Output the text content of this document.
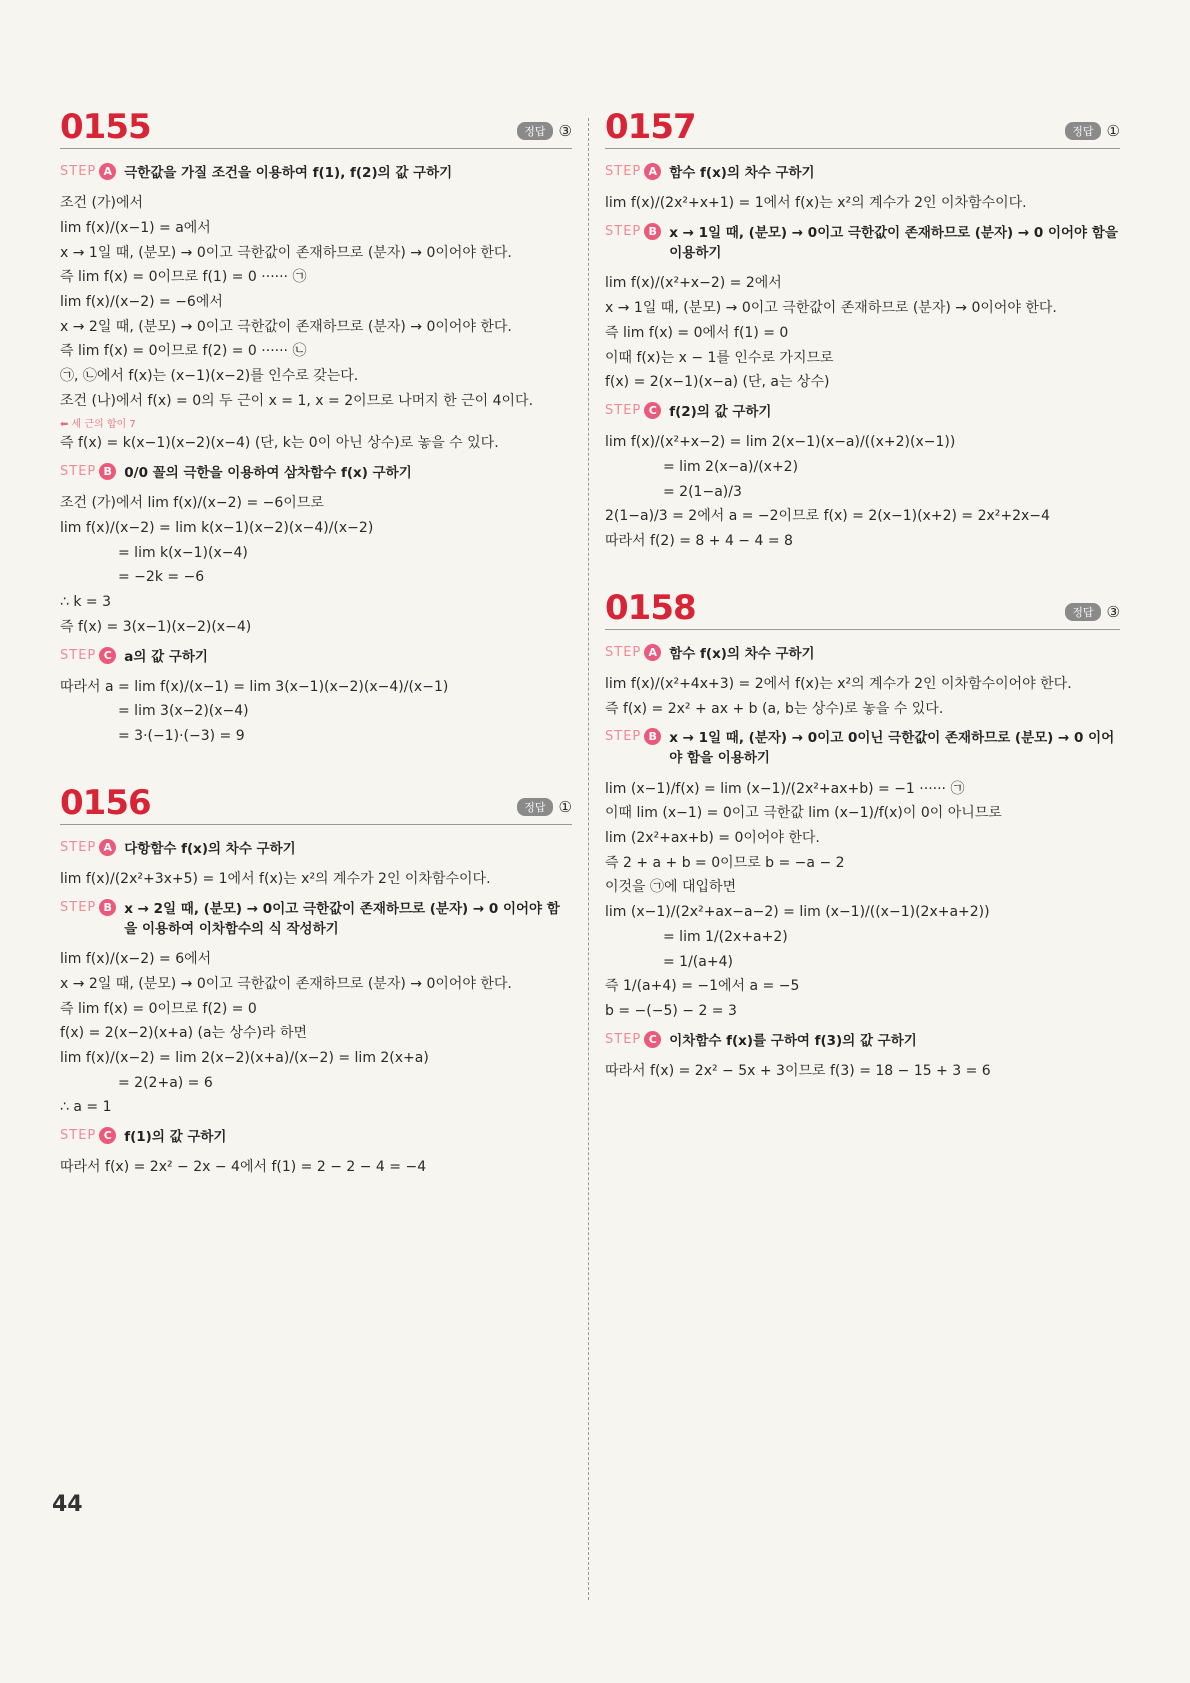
0155	정답 ③
STEP A 극한값을 가질 조건을 이용하여 f(1), f(2)의 값 구하기
조건 (가)에서
lim f(x)/(x−1) = a에서
x → 1일 때, (분모) → 0이고 극한값이 존재하므로 (분자) → 0이어야 한다.
즉 lim f(x) = 0이므로 f(1) = 0 ······ ㉠
lim f(x)/(x−2) = −6에서
x → 2일 때, (분모) → 0이고 극한값이 존재하므로 (분자) → 0이어야 한다.
즉 lim f(x) = 0이므로 f(2) = 0 ······ ㉡
㉠, ㉡에서 f(x)는 (x−1)(x−2)를 인수로 갖는다.
조건 (나)에서 f(x) = 0의 두 근이 x = 1, x = 2이므로 나머지 한 근이 4이다.
⬅ 세 근의 합이 7
즉 f(x) = k(x−1)(x−2)(x−4) (단, k는 0이 아닌 상수)로 놓을 수 있다.
STEP B 0/0 꼴의 극한을 이용하여 삼차함수 f(x) 구하기
조건 (가)에서 lim f(x)/(x−2) = −6이므로
lim f(x)/(x−2) = lim k(x−1)(x−2)(x−4)/(x−2)
= lim k(x−1)(x−4)
= −2k = −6
∴ k = 3
즉 f(x) = 3(x−1)(x−2)(x−4)
STEP C a의 값 구하기
따라서 a = lim f(x)/(x−1) = lim 3(x−1)(x−2)(x−4)/(x−1)
= lim 3(x−2)(x−4)
= 3·(−1)·(−3) = 9
0156	정답 ①
STEP A 다항함수 f(x)의 차수 구하기
lim f(x)/(2x²+3x+5) = 1에서 f(x)는 x²의 계수가 2인 이차함수이다.
STEP B x → 2일 때, (분모) → 0이고 극한값이 존재하므로 (분자) → 0 이어야 함을 이용하여 이차함수의 식 작성하기
lim f(x)/(x−2) = 6에서
x → 2일 때, (분모) → 0이고 극한값이 존재하므로 (분자) → 0이어야 한다.
즉 lim f(x) = 0이므로 f(2) = 0
f(x) = 2(x−2)(x+a) (a는 상수)라 하면
lim f(x)/(x−2) = lim 2(x−2)(x+a)/(x−2) = lim 2(x+a)
= 2(2+a) = 6
∴ a = 1
STEP C f(1)의 값 구하기
따라서 f(x) = 2x² − 2x − 4에서 f(1) = 2 − 2 − 4 = −4
0157	정답 ①
STEP A 함수 f(x)의 차수 구하기
lim f(x)/(2x²+x+1) = 1에서 f(x)는 x²의 계수가 2인 이차함수이다.
STEP B x → 1일 때, (분모) → 0이고 극한값이 존재하므로 (분자) → 0 이어야 함을 이용하기
lim f(x)/(x²+x−2) = 2에서
x → 1일 때, (분모) → 0이고 극한값이 존재하므로 (분자) → 0이어야 한다.
즉 lim f(x) = 0에서 f(1) = 0
이때 f(x)는 x − 1를 인수로 가지므로
f(x) = 2(x−1)(x−a) (단, a는 상수)
STEP C f(2)의 값 구하기
lim f(x)/(x²+x−2) = lim 2(x−1)(x−a)/((x+2)(x−1))
= lim 2(x−a)/(x+2)
= 2(1−a)/3
2(1−a)/3 = 2에서 a = −2이므로 f(x) = 2(x−1)(x+2) = 2x²+2x−4
따라서 f(2) = 8 + 4 − 4 = 8
0158	정답 ③
STEP A 함수 f(x)의 차수 구하기
lim f(x)/(x²+4x+3) = 2에서 f(x)는 x²의 계수가 2인 이차함수이어야 한다.
즉 f(x) = 2x² + ax + b (a, b는 상수)로 놓을 수 있다.
STEP B x → 1일 때, (분자) → 0이고 0이닌 극한값이 존재하므로 (분모) → 0 이어야 함을 이용하기
lim (x−1)/f(x) = lim (x−1)/(2x²+ax+b) = −1 ······ ㉠
이때 lim (x−1) = 0이고 극한값 lim (x−1)/f(x)이 0이 아니므로
lim (2x²+ax+b) = 0이어야 한다.
즉 2 + a + b = 0이므로 b = −a − 2
이것을 ㉠에 대입하면
lim (x−1)/(2x²+ax−a−2) = lim (x−1)/((x−1)(2x+a+2))
= lim 1/(2x+a+2)
= 1/(a+4)
즉 1/(a+4) = −1에서 a = −5
b = −(−5) − 2 = 3
STEP C 이차함수 f(x)를 구하여 f(3)의 값 구하기
따라서 f(x) = 2x² − 5x + 3이므로 f(3) = 18 − 15 + 3 = 6
44
